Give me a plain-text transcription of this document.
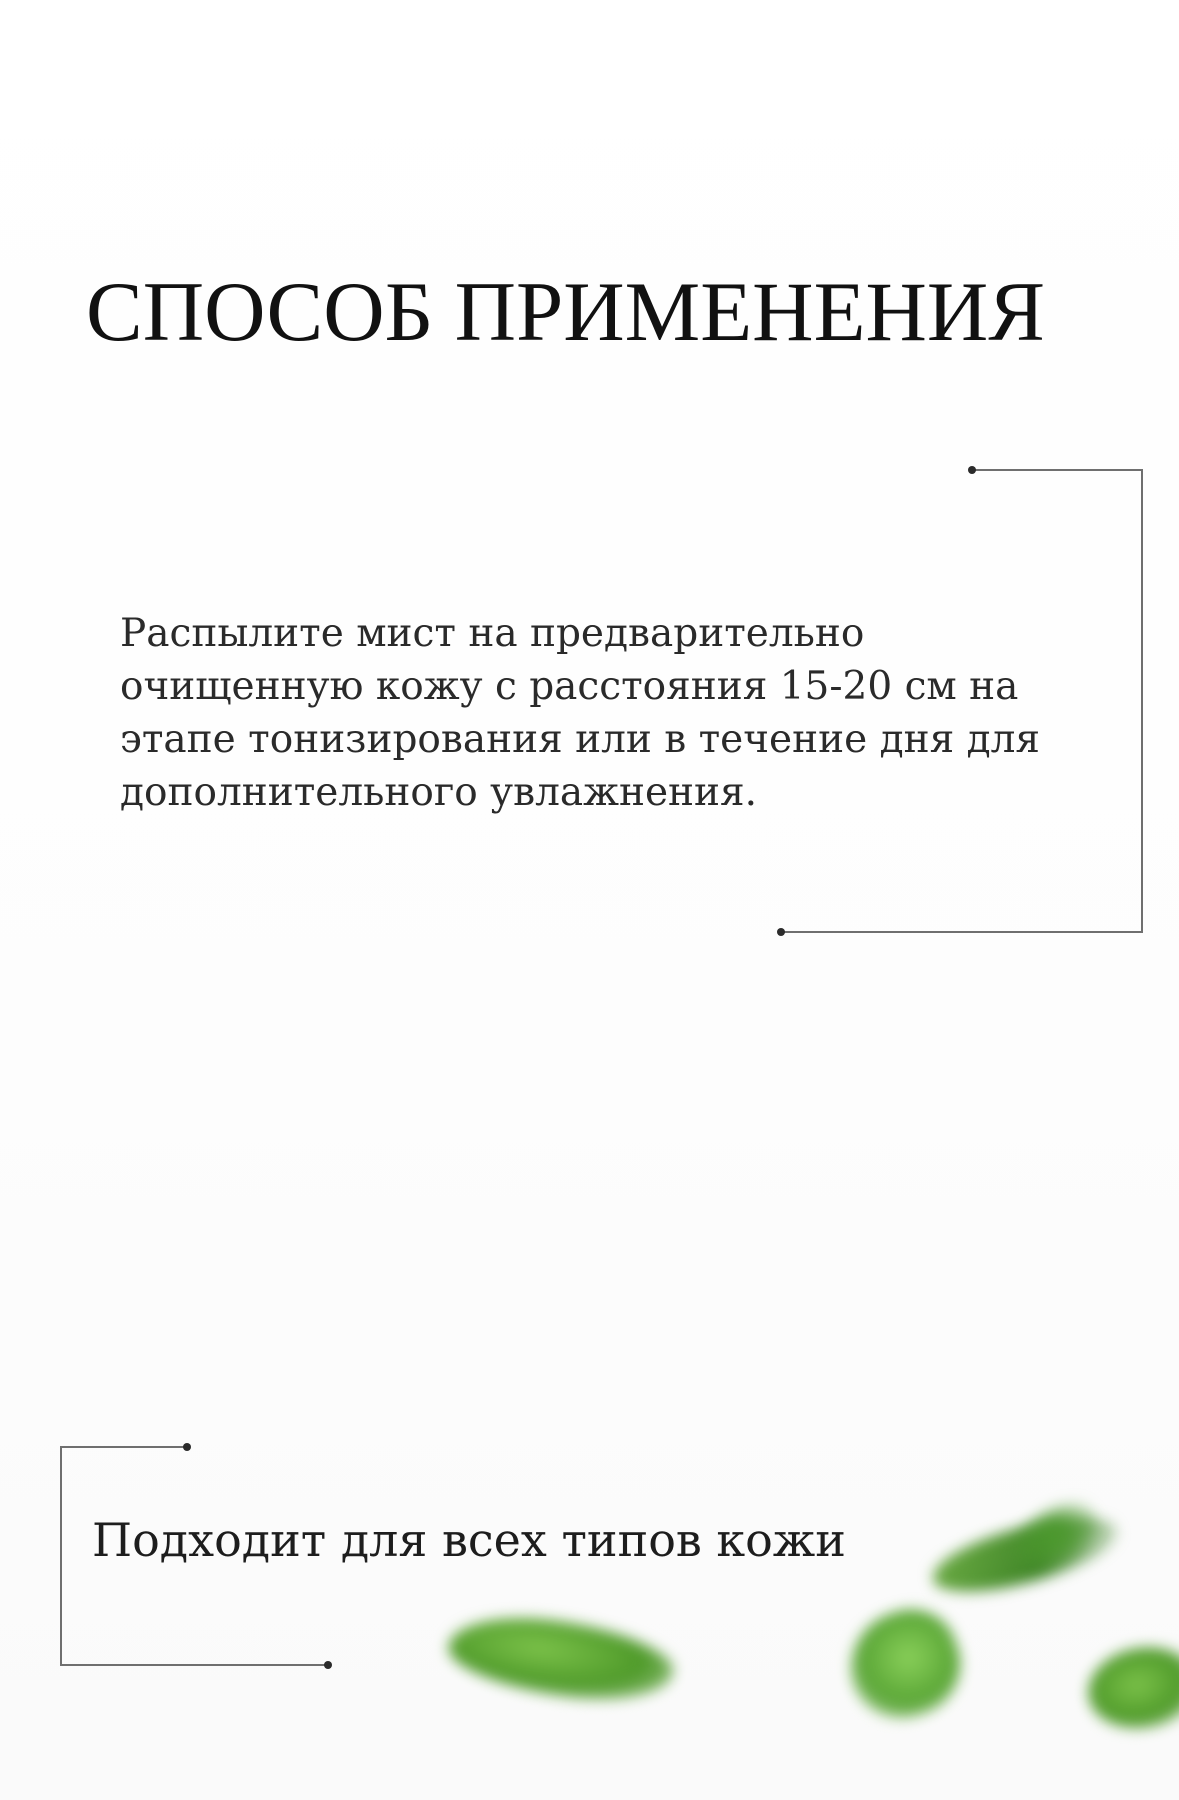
СПОСОБ ПРИМЕНЕНИЯ

Распылите мист на предварительно очищенную кожу с расстояния 15-20 см на этапе тонизирования или в течение дня для дополнительного увлажнения.

Подходит для всех типов кожи
